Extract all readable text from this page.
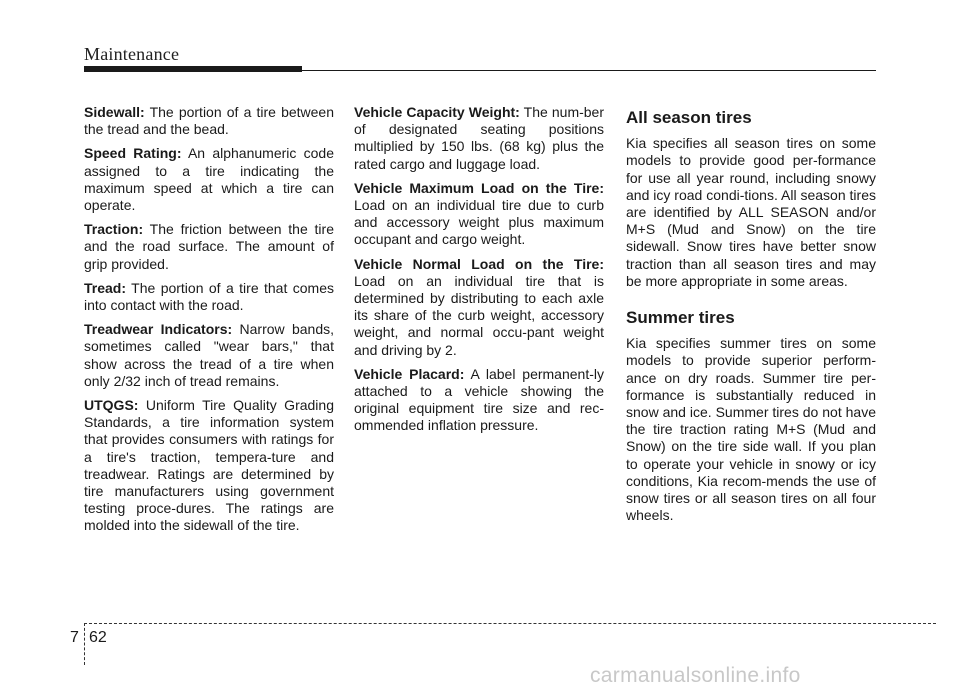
Maintenance

Sidewall: The portion of a tire between the tread and the bead.

Speed Rating: An alphanumeric code assigned to a tire indicating the maximum speed at which a tire can operate.

Traction: The friction between the tire and the road surface. The amount of grip provided.

Tread: The portion of a tire that comes into contact with the road.

Treadwear Indicators: Narrow bands, sometimes called "wear bars," that show across the tread of a tire when only 2/32 inch of tread remains.

UTQGS: Uniform Tire Quality Grading Standards, a tire information system that provides consumers with ratings for a tire's traction, tempera-ture and treadwear. Ratings are determined by tire manufacturers using government testing proce-dures. The ratings are molded into the sidewall of the tire.

Vehicle Capacity Weight: The num-ber of designated seating positions multiplied by 150 lbs. (68 kg) plus the rated cargo and luggage load.

Vehicle Maximum Load on the Tire: Load on an individual tire due to curb and accessory weight plus maximum occupant and cargo weight.

Vehicle Normal Load on the Tire: Load on an individual tire that is determined by distributing to each axle its share of the curb weight, accessory weight, and normal occu-pant weight and driving by 2.

Vehicle Placard: A label permanent-ly attached to a vehicle showing the original equipment tire size and rec-ommended inflation pressure.

All season tires

Kia specifies all season tires on some models to provide good per-formance for use all year round, including snowy and icy road condi-tions. All season tires are identified by ALL SEASON and/or M+S (Mud and Snow) on the tire sidewall. Snow tires have better snow traction than all season tires and may be more appropriate in some areas.

Summer tires

Kia specifies summer tires on some models to provide superior perform-ance on dry roads. Summer tire per-formance is substantially reduced in snow and ice. Summer tires do not have the tire traction rating M+S (Mud and Snow) on the tire side wall. If you plan to operate your vehicle in snowy or icy conditions, Kia recom-mends the use of snow tires or all season tires on all four wheels.

7 62
carmanualsonline.info
